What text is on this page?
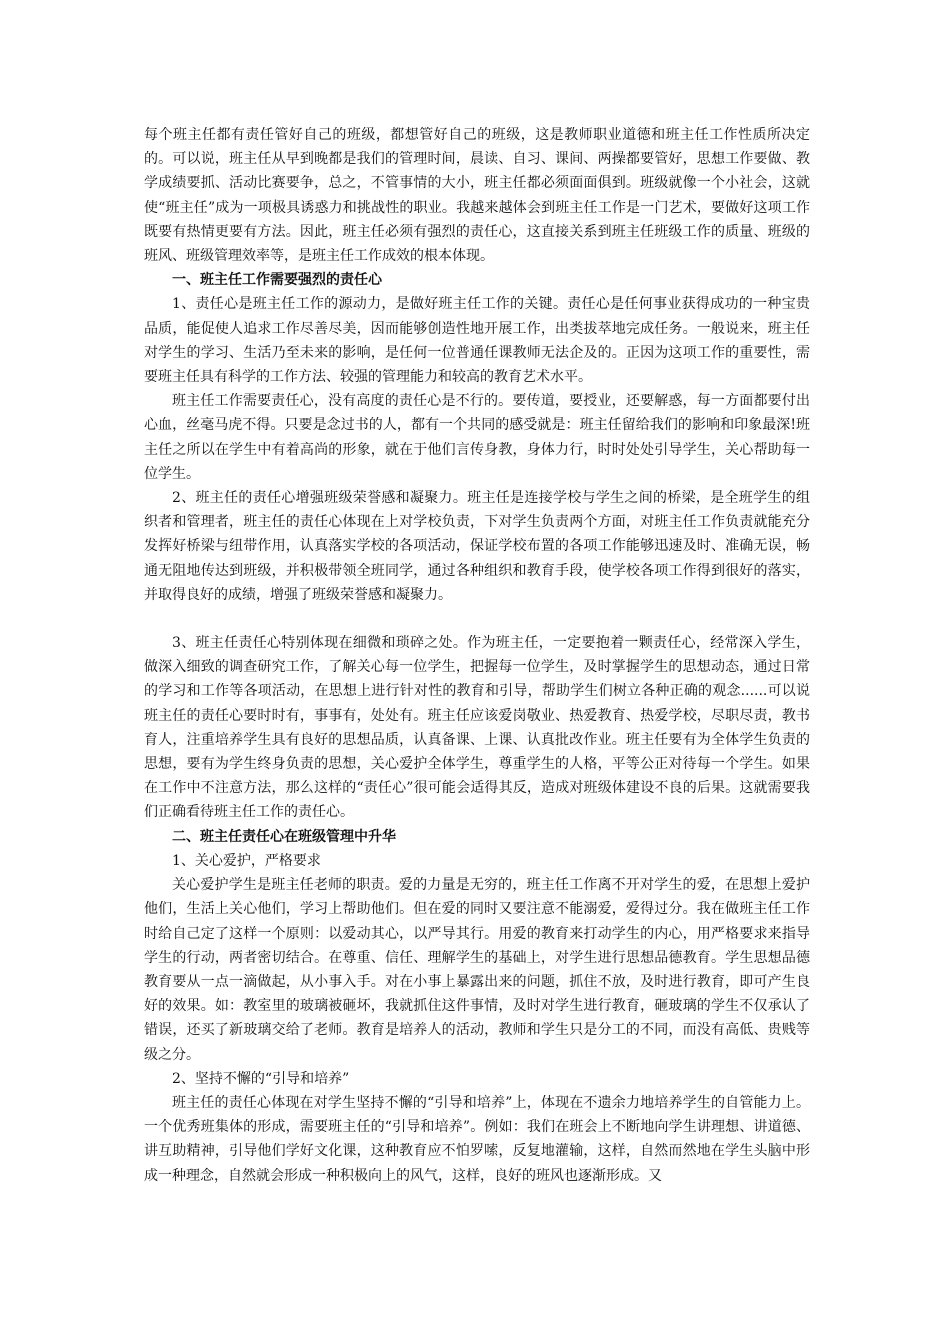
每个班主任都有责任管好自己的班级，都想管好自己的班级，这是教师职业道德和班主任工作性质所决定的。可以说，班主任从早到晚都是我们的管理时间，晨读、自习、课间、两操都要管好，思想工作要做、教学成绩要抓、活动比赛要争，总之，不管事情的大小，班主任都必须面面俱到。班级就像一个小社会，这就使“班主任”成为一项极具诱惑力和挑战性的职业。我越来越体会到班主任工作是一门艺术，要做好这项工作既要有热情更要有方法。因此，班主任必须有强烈的责任心，这直接关系到班主任班级工作的质量、班级的班风、班级管理效率等，是班主任工作成效的根本体现。

一、班主任工作需要强烈的责任心

1、责任心是班主任工作的源动力，是做好班主任工作的关键。责任心是任何事业获得成功的一种宝贵品质，能促使人追求工作尽善尽美，因而能够创造性地开展工作，出类拔萃地完成任务。一般说来，班主任对学生的学习、生活乃至未来的影响，是任何一位普通任课教师无法企及的。正因为这项工作的重要性，需要班主任具有科学的工作方法、较强的管理能力和较高的教育艺术水平。

班主任工作需要责任心，没有高度的责任心是不行的。要传道，要授业，还要解惑，每一方面都要付出心血，丝毫马虎不得。只要是念过书的人，都有一个共同的感受就是：班主任留给我们的影响和印象最深!班主任之所以在学生中有着高尚的形象，就在于他们言传身教，身体力行，时时处处引导学生，关心帮助每一位学生。

2、班主任的责任心增强班级荣誉感和凝聚力。班主任是连接学校与学生之间的桥梁，是全班学生的组织者和管理者，班主任的责任心体现在上对学校负责，下对学生负责两个方面，对班主任工作负责就能充分发挥好桥梁与纽带作用，认真落实学校的各项活动，保证学校布置的各项工作能够迅速及时、准确无误，畅通无阻地传达到班级，并积极带领全班同学，通过各种组织和教育手段，使学校各项工作得到很好的落实，并取得良好的成绩，增强了班级荣誉感和凝聚力。

3、班主任责任心特别体现在细微和琐碎之处。作为班主任，一定要抱着一颗责任心，经常深入学生，做深入细致的调查研究工作，了解关心每一位学生，把握每一位学生，及时掌握学生的思想动态，通过日常的学习和工作等各项活动，在思想上进行针对性的教育和引导，帮助学生们树立各种正确的观念......可以说班主任的责任心要时时有，事事有，处处有。班主任应该爱岗敬业、热爱教育、热爱学校，尽职尽责，教书育人，注重培养学生具有良好的思想品质，认真备课、上课、认真批改作业。班主任要有为全体学生负责的思想，要有为学生终身负责的思想，关心爱护全体学生，尊重学生的人格，平等公正对待每一个学生。如果在工作中不注意方法，那么这样的“责任心”很可能会适得其反，造成对班级体建设不良的后果。这就需要我们正确看待班主任工作的责任心。

二、班主任责任心在班级管理中升华

1、关心爱护，严格要求

关心爱护学生是班主任老师的职责。爱的力量是无穷的，班主任工作离不开对学生的爱，在思想上爱护他们，生活上关心他们，学习上帮助他们。但在爱的同时又要注意不能溺爱，爱得过分。我在做班主任工作时给自己定了这样一个原则：以爱动其心，以严导其行。用爱的教育来打动学生的内心，用严格要求来指导学生的行动，两者密切结合。在尊重、信任、理解学生的基础上，对学生进行思想品德教育。学生思想品德教育要从一点一滴做起，从小事入手。对在小事上暴露出来的问题，抓住不放，及时进行教育，即可产生良好的效果。如：教室里的玻璃被砸坏，我就抓住这件事情，及时对学生进行教育，砸玻璃的学生不仅承认了错误，还买了新玻璃交给了老师。教育是培养人的活动，教师和学生只是分工的不同，而没有高低、贵贱等级之分。

2、坚持不懈的“引导和培养”

班主任的责任心体现在对学生坚持不懈的“引导和培养”上，体现在不遗余力地培养学生的自管能力上。一个优秀班集体的形成，需要班主任的“引导和培养”。例如：我们在班会上不断地向学生讲理想、讲道德、讲互助精神，引导他们学好文化课，这种教育应不怕罗嗦，反复地灌输，这样，自然而然地在学生头脑中形成一种理念，自然就会形成一种积极向上的风气，这样，良好的班风也逐渐形成。又
